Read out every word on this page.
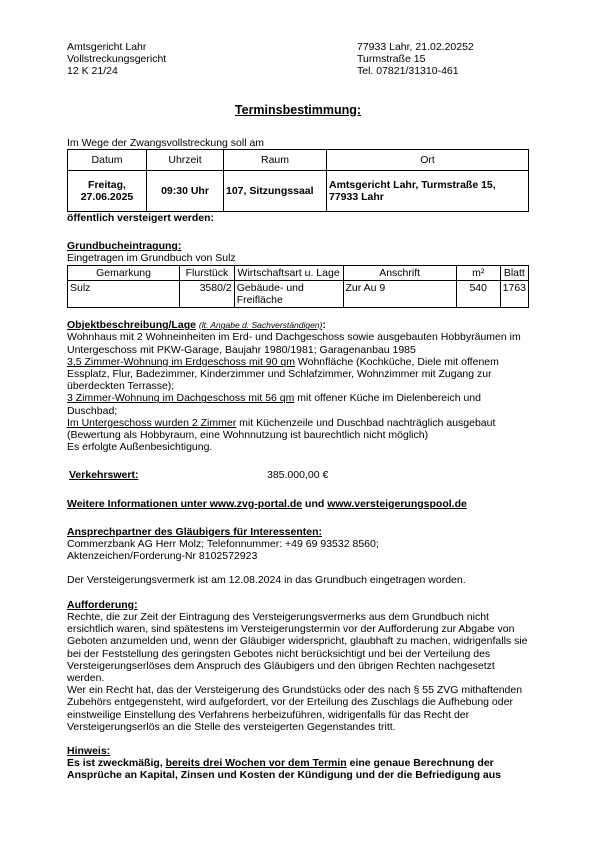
Amtsgericht Lahr
Vollstreckungsgericht
12 K 21/24
77933 Lahr, 21.02.20252
Turmstraße 15
Tel. 07821/31310-461
Terminsbestimmung:
Im Wege der Zwangsvollstreckung soll am
Datum	Uhrzeit	Raum	Ort
Freitag, 27.06.2025	09:30 Uhr	107, Sitzungssaal	Amtsgericht Lahr, Turmstraße 15, 77933 Lahr
öffentlich versteigert werden:
Grundbucheintragung:
Eingetragen im Grundbuch von Sulz
Gemarkung	Flurstück	Wirtschaftsart u. Lage	Anschrift	m²	Blatt
Sulz	3580/2	Gebäude- und Freifläche	Zur Au 9	540	1763
Objektbeschreibung/Lage (lt. Angabe d. Sachverständigen):

Wohnhaus mit 2 Wohneinheiten im Erd- und Dachgeschoss sowie ausgebauten Hobbyräumen im Untergeschoss mit PKW-Garage, Baujahr 1980/1981; Garagenanbau 1985

3,5 Zimmer-Wohnung im Erdgeschoss mit 90 qm Wohnfläche (Kochküche, Diele mit offenem Essplatz, Flur, Badezimmer, Kinderzimmer und Schlafzimmer, Wohnzimmer mit Zugang zur überdeckten Terrasse);

3 Zimmer-Wohnung im Dachgeschoss mit 56 qm mit offener Küche im Dielenbereich und Duschbad;

Im Untergeschoss wurden 2 Zimmer mit Küchenzeile und Duschbad nachträglich ausgebaut (Bewertung als Hobbyraum, eine Wohnnutzung ist baurechtlich nicht möglich)

Es erfolgte Außenbesichtigung.

Verkehrswert:	385.000,00 €
Weitere Informationen unter www.zvg-portal.de und www.versteigerungspool.de
Ansprechpartner des Gläubigers für Interessenten:
Commerzbank AG Herr Molz; Telefonnummer: +49 69 93532 8560;
Aktenzeichen/Forderung-Nr 8102572923
Der Versteigerungsvermerk ist am 12.08.2024 in das Grundbuch eingetragen worden.
Aufforderung:

Rechte, die zur Zeit der Eintragung des Versteigerungsvermerks aus dem Grundbuch nicht ersichtlich waren, sind spätestens im Versteigerungstermin vor der Aufforderung zur Abgabe von Geboten anzumelden und, wenn der Gläubiger widerspricht, glaubhaft zu machen, widrigenfalls sie bei der Feststellung des geringsten Gebotes nicht berücksichtigt und bei der Verteilung des Versteigerungserlöses dem Anspruch des Gläubigers und den übrigen Rechten nachgesetzt werden.

Wer ein Recht hat, das der Versteigerung des Grundstücks oder des nach § 55 ZVG mithaftenden Zubehörs entgegensteht, wird aufgefordert, vor der Erteilung des Zuschlags die Aufhebung oder einstweilige Einstellung des Verfahrens herbeizuführen, widrigenfalls für das Recht der Versteigerungserlös an die Stelle des versteigerten Gegenstandes tritt.

Hinweis:

Es ist zweckmäßig, bereits drei Wochen vor dem Termin eine genaue Berechnung der Ansprüche an Kapital, Zinsen und Kosten der Kündigung und der die Befriedigung aus
